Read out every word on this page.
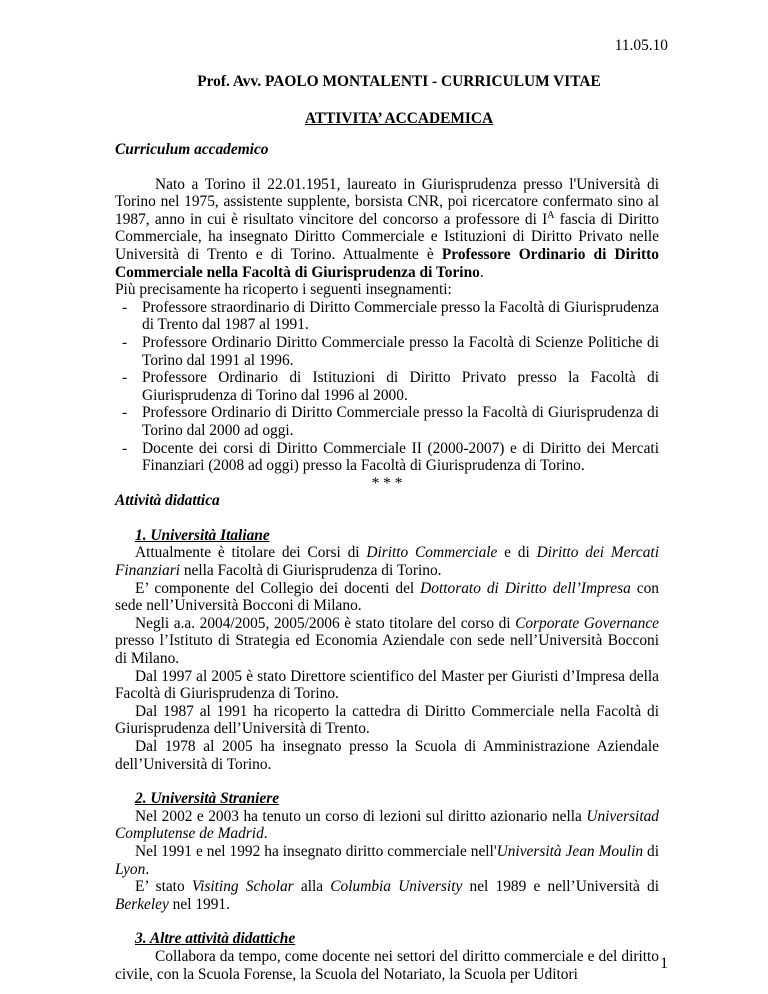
11.05.10
Prof. Avv. PAOLO MONTALENTI - CURRICULUM VITAE
ATTIVITA’ ACCADEMICA

Curriculum accademico

Nato a Torino il 22.01.1951, laureato in Giurisprudenza presso l'Università di Torino nel 1975, assistente supplente, borsista CNR, poi ricercatore confermato sino al 1987, anno in cui è risultato vincitore del concorso a professore di $I^A$ fascia di Diritto Commerciale, ha insegnato Diritto Commerciale e Istituzioni di Diritto Privato nelle Università di Trento e di Torino. Attualmente è Professore Ordinario di Diritto Commerciale nella Facoltà di Giurisprudenza di Torino.

Più precisamente ha ricoperto i seguenti insegnamenti:

- Professore straordinario di Diritto Commerciale presso la Facoltà di Giurisprudenza di Trento dal 1987 al 1991.
- Professore Ordinario Diritto Commerciale presso la Facoltà di Scienze Politiche di Torino dal 1991 al 1996.
- Professore Ordinario di Istituzioni di Diritto Privato presso la Facoltà di Giurisprudenza di Torino dal 1996 al 2000.
- Professore Ordinario di Diritto Commerciale presso la Facoltà di Giurisprudenza di Torino dal 2000 ad oggi.
- Docente dei corsi di Diritto Commerciale II (2000-2007) e di Diritto dei Mercati Finanziari (2008 ad oggi) presso la Facoltà di Giurisprudenza di Torino.

* * *

Attività didattica

1. Università Italiane

Attualmente è titolare dei Corsi di Diritto Commerciale e di Diritto dei Mercati Finanziari nella Facoltà di Giurisprudenza di Torino.

E’ componente del Collegio dei docenti del Dottorato di Diritto dell’Impresa con sede nell’Università Bocconi di Milano.

Negli a.a. 2004/2005, 2005/2006 è stato titolare del corso di Corporate Governance presso l’Istituto di Strategia ed Economia Aziendale con sede nell’Università Bocconi di Milano.

Dal 1997 al 2005 è stato Direttore scientifico del Master per Giuristi d’Impresa della Facoltà di Giurisprudenza di Torino.

Dal 1987 al 1991 ha ricoperto la cattedra di Diritto Commerciale nella Facoltà di Giurisprudenza dell’Università di Trento.

Dal 1978 al 2005 ha insegnato presso la Scuola di Amministrazione Aziendale dell’Università di Torino.

2. Università Straniere

Nel 2002 e 2003 ha tenuto un corso di lezioni sul diritto azionario nella Universitad Complutense de Madrid.

Nel 1991 e nel 1992 ha insegnato diritto commerciale nell'Università Jean Moulin di Lyon.

E’ stato Visiting Scholar alla Columbia University nel 1989 e nell’Università di Berkeley nel 1991.

3. Altre attività didattiche

Collabora da tempo, come docente nei settori del diritto commerciale e del diritto civile, con la Scuola Forense, la Scuola del Notariato, la Scuola per Uditori

1
